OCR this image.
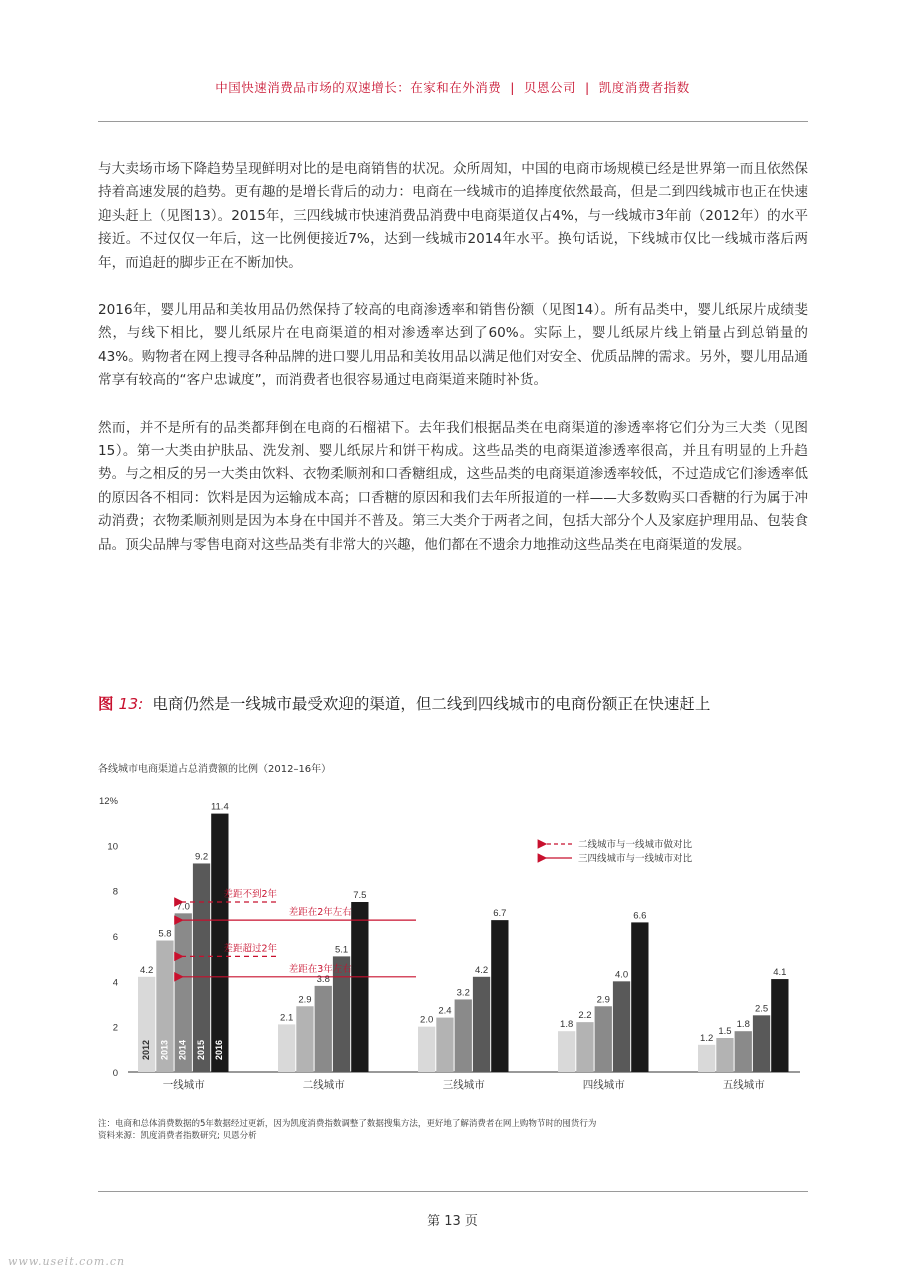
中国快速消费品市场的双速增长：在家和在外消费 | 贝恩公司 | 凯度消费者指数

与大卖场市场下降趋势呈现鲜明对比的是电商销售的状况。众所周知，中国的电商市场规模已经是世界第一而且依然保持着高速发展的趋势。更有趣的是增长背后的动力：电商在一线城市的追捧度依然最高，但是二到四线城市也正在快速迎头赶上（见图13）。2015年，三四线城市快速消费品消费中电商渠道仅占4%，与一线城市3年前（2012年）的水平接近。不过仅仅一年后，这一比例便接近7%，达到一线城市2014年水平。换句话说，下线城市仅比一线城市落后两年，而追赶的脚步正在不断加快。

2016年，婴儿用品和美妆用品仍然保持了较高的电商渗透率和销售份额（见图14）。所有品类中，婴儿纸尿片成绩斐然，与线下相比，婴儿纸尿片在电商渠道的相对渗透率达到了60%。实际上，婴儿纸尿片线上销量占到总销量的43%。购物者在网上搜寻各种品牌的进口婴儿用品和美妆用品以满足他们对安全、优质品牌的需求。另外，婴儿用品通常享有较高的“客户忠诚度”，而消费者也很容易通过电商渠道来随时补货。

然而，并不是所有的品类都拜倒在电商的石榴裙下。去年我们根据品类在电商渠道的渗透率将它们分为三大类（见图15）。第一大类由护肤品、洗发剂、婴儿纸尿片和饼干构成。这些品类的电商渠道渗透率很高，并且有明显的上升趋势。与之相反的另一大类由饮料、衣物柔顺剂和口香糖组成，这些品类的电商渠道渗透率较低，不过造成它们渗透率低的原因各不相同：饮料是因为运输成本高；口香糖的原因和我们去年所报道的一样——大多数购买口香糖的行为属于冲动消费；衣物柔顺剂则是因为本身在中国并不普及。第三大类介于两者之间，包括大部分个人及家庭护理用品、包装食品。顶尖品牌与零售电商对这些品类有非常大的兴趣，他们都在不遗余力地推动这些品类在电商渠道的发展。

图 13: 电商仍然是一线城市最受欢迎的渠道，但二线到四线城市的电商份额正在快速赶上
各线城市电商渠道占总消费额的比例（2012–16年）
0
2
4
6
8
10
12%
4.2
2012
2.1	2.0	1.8
1.2
5.8
2013
2.9
2.4	2.2
1.5
7.0
2014
3.8
3.2
2.9
1.8
9.2
2015
5.1
4.2	4.0
2.5
11.4
2016
7.5
6.7	6.6
4.1
一线城市	二线城市	三线城市	四线城市	五线城市
差距不到2年
差距在2年左右
差距超过2年
差距在3年左右
二线城市与一线城市做对比
三四线城市与一线城市对比
注：电商和总体消费数据的5年数据经过更新，因为凯度消费指数调整了数据搜集方法，更好地了解消费者在网上购物节时的囤货行为
资料来源：凯度消费者指数研究; 贝恩分析
第 13 页
www.useit.com.cn
